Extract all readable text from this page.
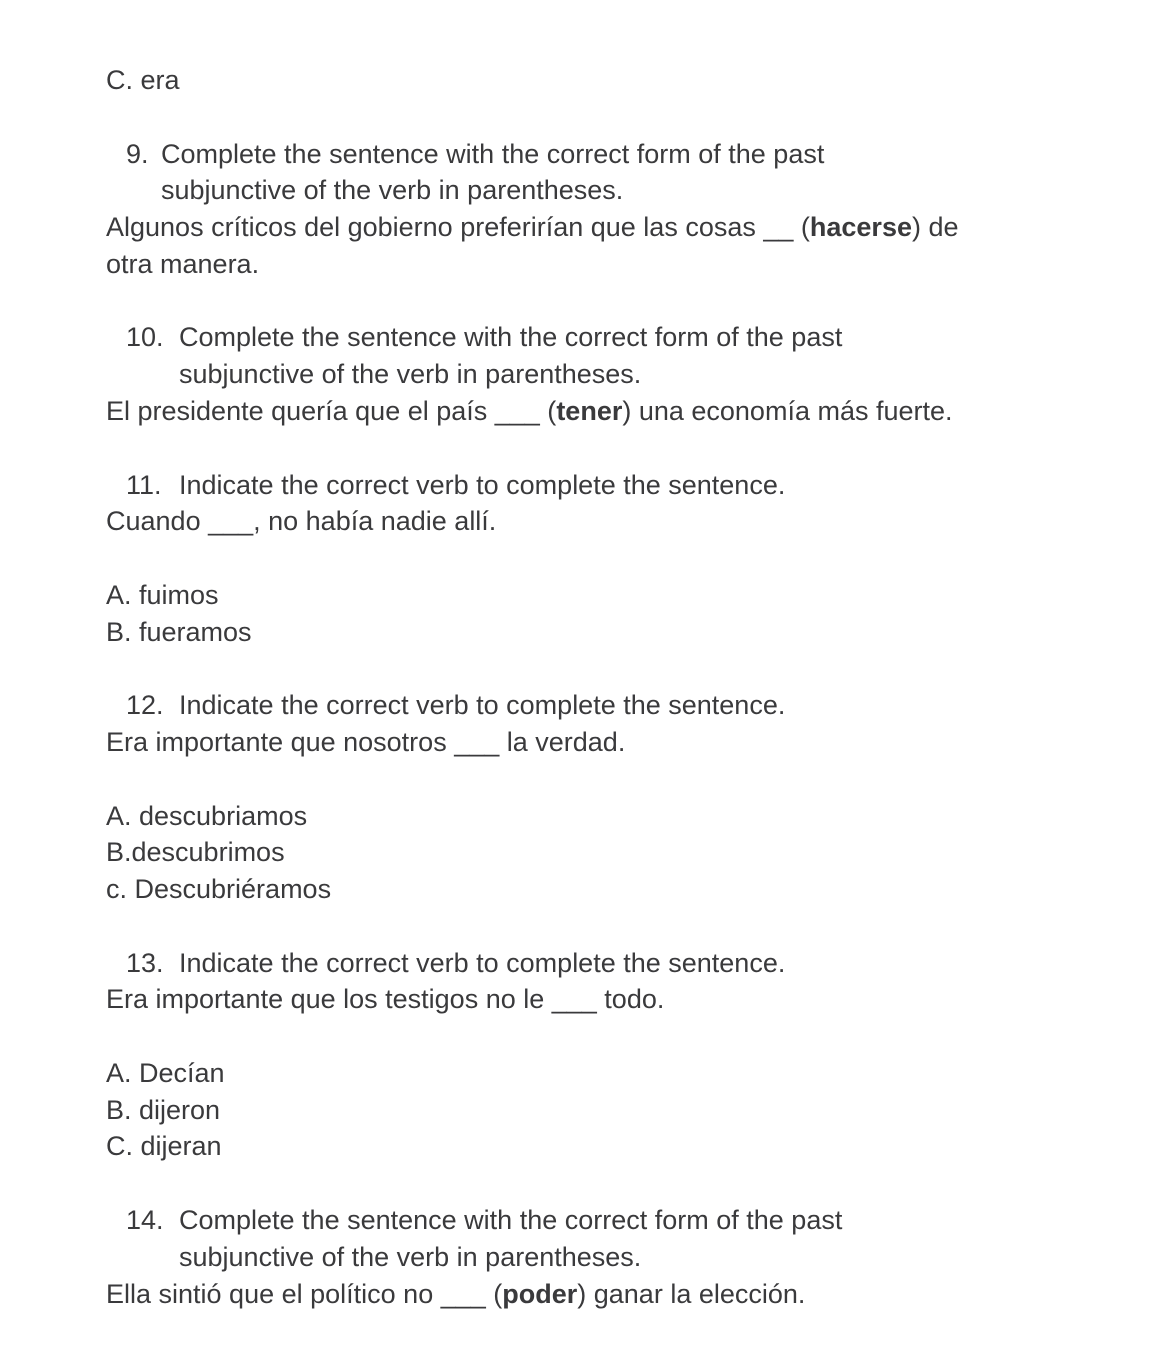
C. era
9. Complete the sentence with the correct form of the past
subjunctive of the verb in parentheses.
Algunos críticos del gobierno preferirían que las cosas __ (hacerse) de
otra manera.
10. Complete the sentence with the correct form of the past
subjunctive of the verb in parentheses.
El presidente quería que el país ___ (tener) una economía más fuerte.
11. Indicate the correct verb to complete the sentence.
Cuando ___, no había nadie allí.
A. fuimos
B. fueramos
12. Indicate the correct verb to complete the sentence.
Era importante que nosotros ___ la verdad.
A. descubriamos
B.descubrimos
c. Descubriéramos
13. Indicate the correct verb to complete the sentence.
Era importante que los testigos no le ___ todo.
A. Decían
B. dijeron
C. dijeran
14. Complete the sentence with the correct form of the past
subjunctive of the verb in parentheses.
Ella sintió que el político no ___ (poder) ganar la elección.
